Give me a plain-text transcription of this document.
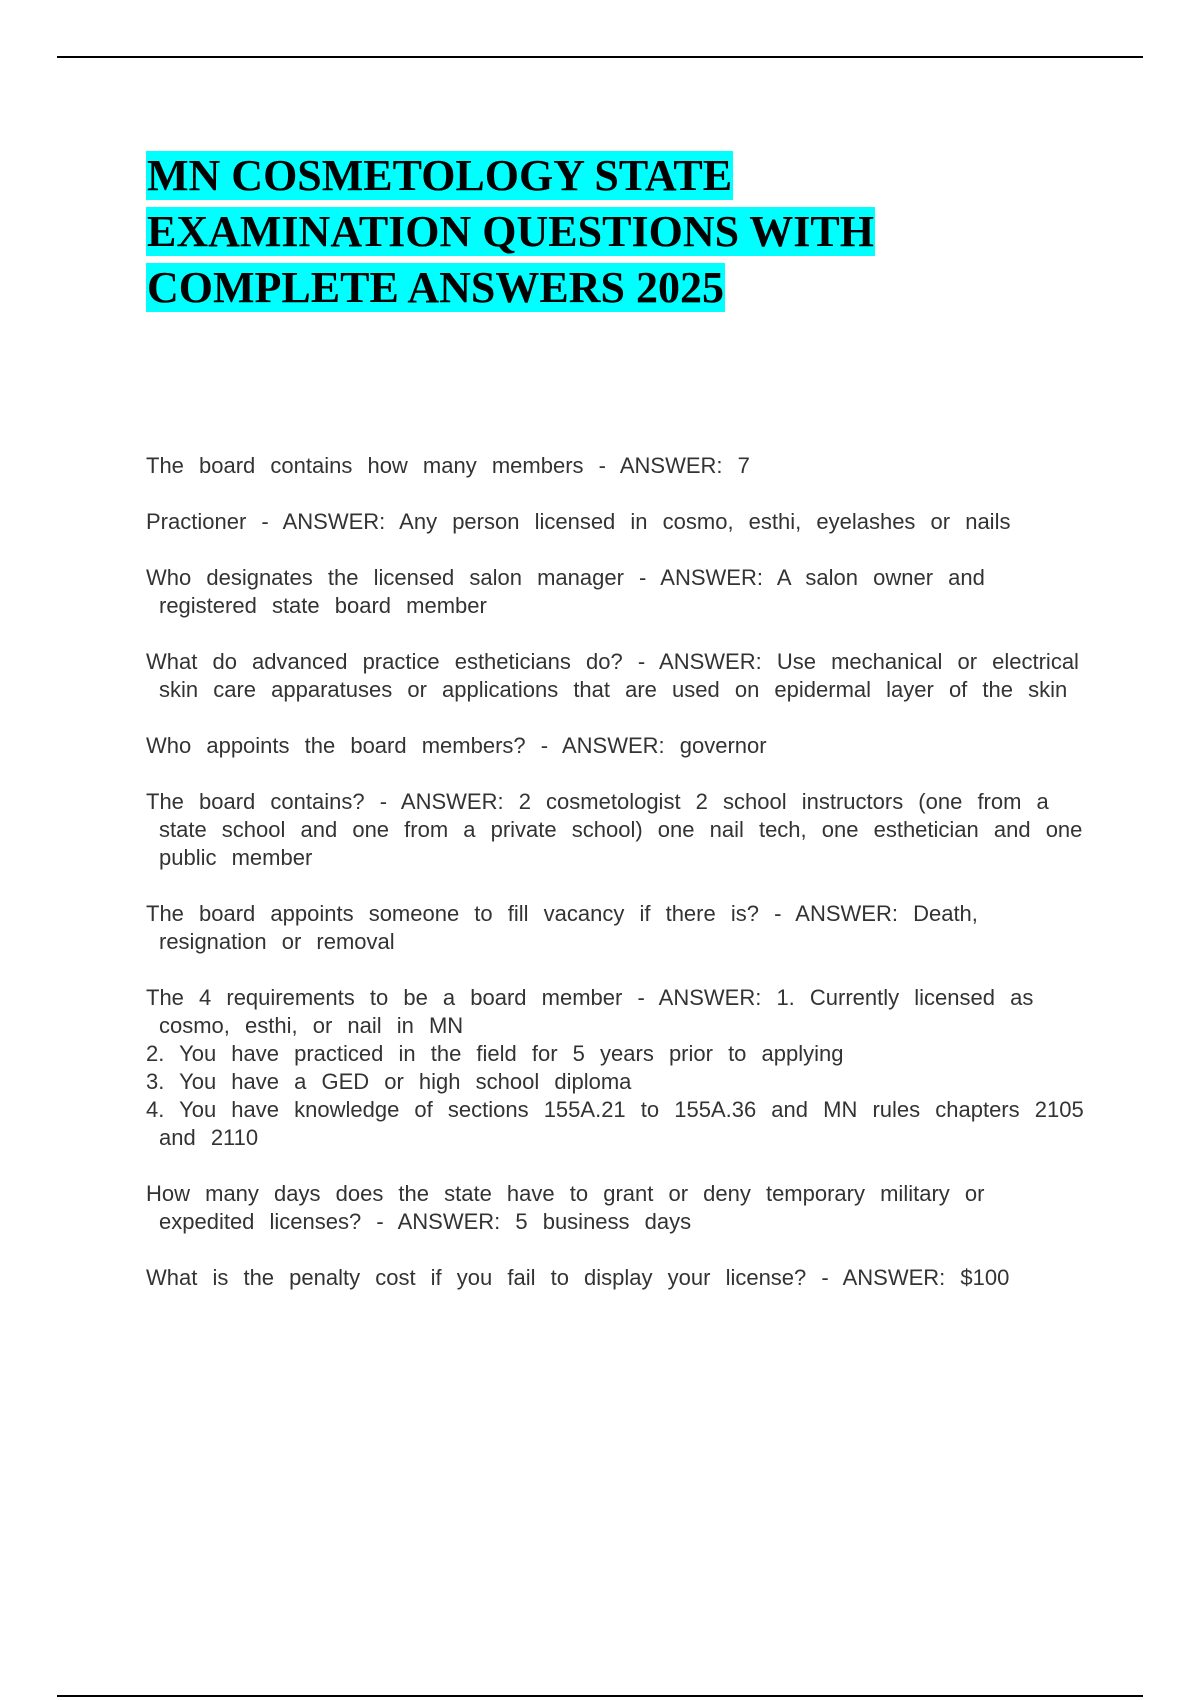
MN COSMETOLOGY STATE
EXAMINATION QUESTIONS WITH
COMPLETE ANSWERS 2025

The board contains how many members - ANSWER: 7

Practioner - ANSWER: Any person licensed in cosmo, esthi, eyelashes or nails

Who designates the licensed salon manager - ANSWER: A salon owner and registered state board member

What do advanced practice estheticians do? - ANSWER: Use mechanical or electrical skin care apparatuses or applications that are used on epidermal layer of the skin

Who appoints the board members? - ANSWER: governor

The board contains? - ANSWER: 2 cosmetologist 2 school instructors (one from a state school and one from a private school) one nail tech, one esthetician and one public member

The board appoints someone to fill vacancy if there is? - ANSWER: Death, resignation or removal

The 4 requirements to be a board member - ANSWER: 1. Currently licensed as cosmo, esthi, or nail in MN
2. You have practiced in the field for 5 years prior to applying
3. You have a GED or high school diploma
4. You have knowledge of sections 155A.21 to 155A.36 and MN rules chapters 2105 and 2110

How many days does the state have to grant or deny temporary military or expedited licenses? - ANSWER: 5 business days

What is the penalty cost if you fail to display your license? - ANSWER: $100
